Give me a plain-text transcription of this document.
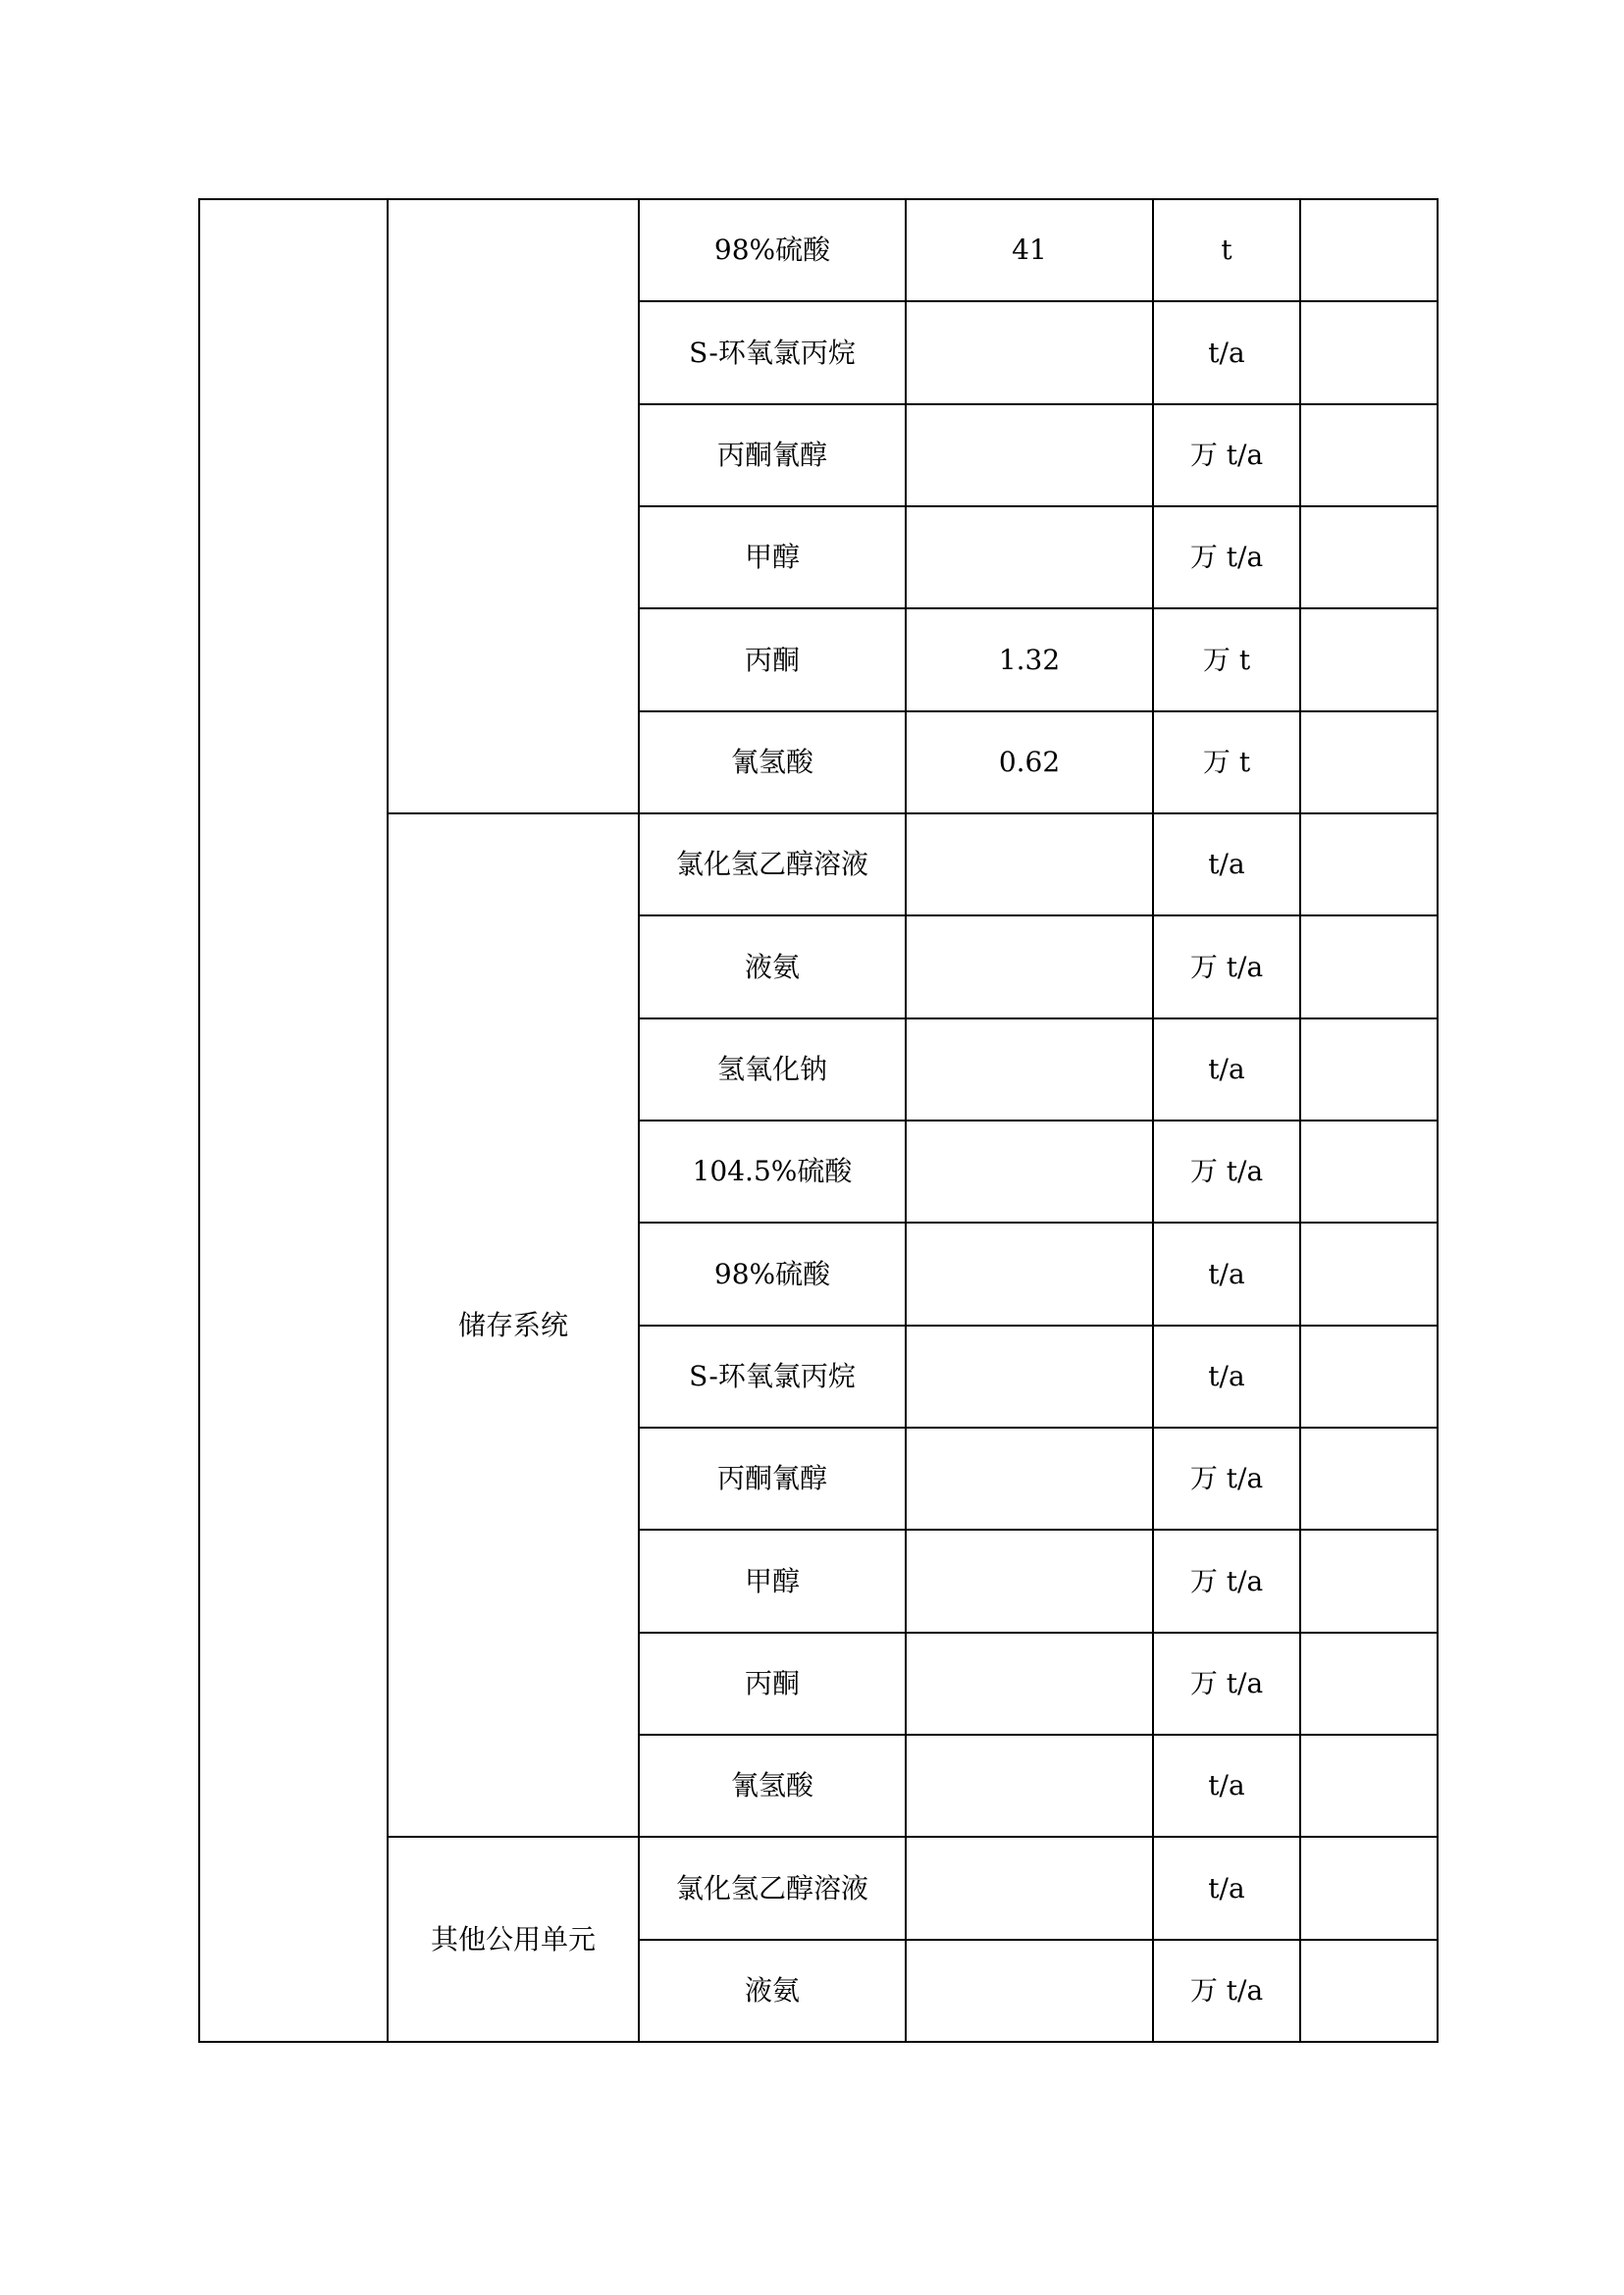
		98%硫酸	41	t	
		S-环氧氯丙烷		t/a	
		丙酮氰醇		万 t/a	
		甲醇		万 t/a	
		丙酮	1.32	万 t	
		氰氢酸	0.62	万 t	
	储存系统	氯化氢乙醇溶液		t/a	
		液氨		万 t/a	
		氢氧化钠		t/a	
		104.5%硫酸		万 t/a	
		98%硫酸		t/a	
		S-环氧氯丙烷		t/a	
		丙酮氰醇		万 t/a	
		甲醇		万 t/a	
		丙酮		万 t/a	
		氰氢酸		t/a	
	其他公用单元	氯化氢乙醇溶液		t/a	
		液氨		万 t/a	
